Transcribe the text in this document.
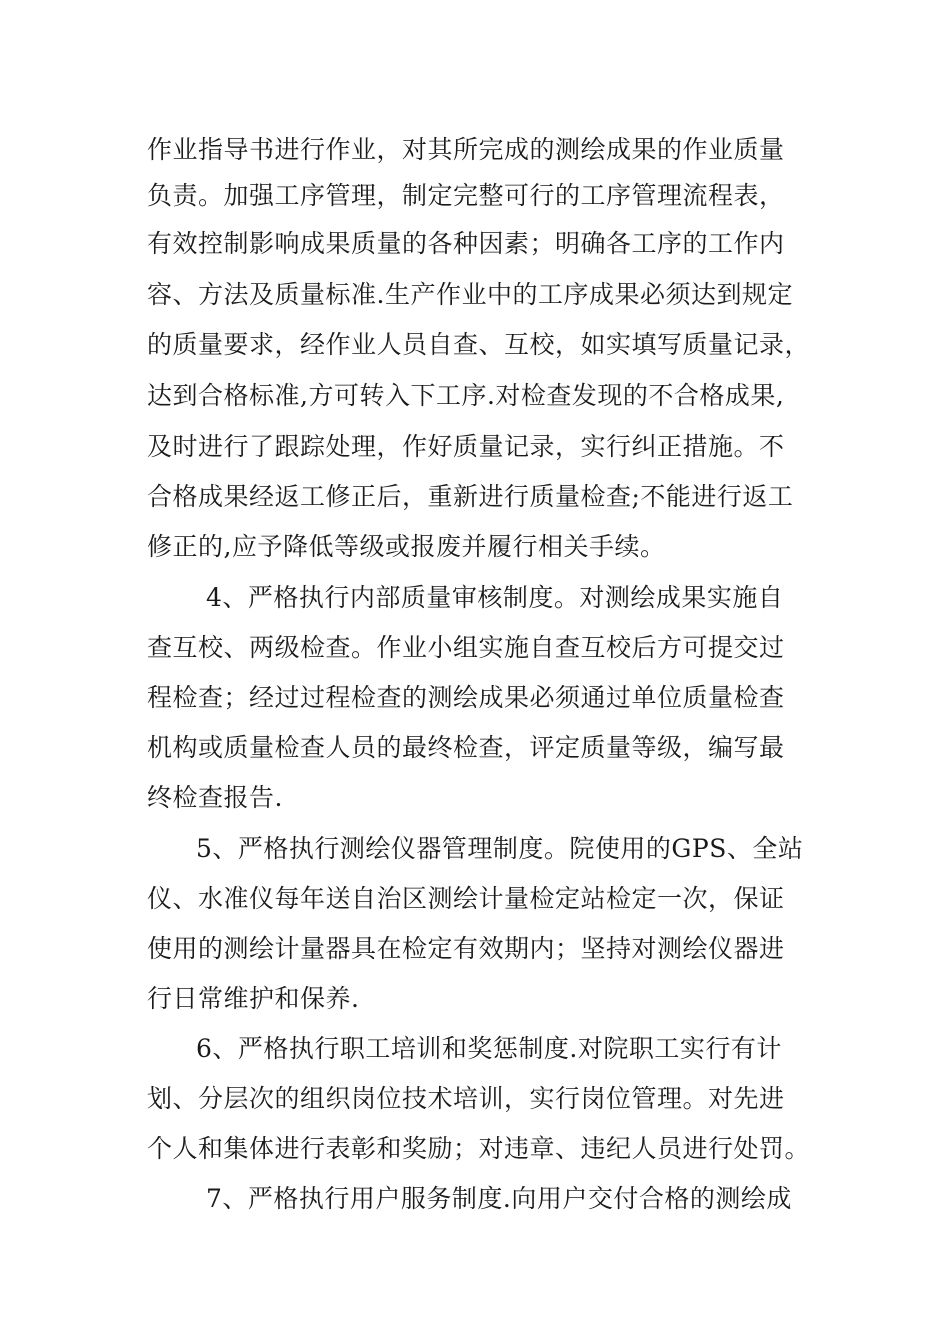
作业指导书进行作业，对其所完成的测绘成果的作业质量
负责。加强工序管理，制定完整可行的工序管理流程表，
有效控制影响成果质量的各种因素；明确各工序的工作内
容、方法及质量标准.生产作业中的工序成果必须达到规定
的质量要求，经作业人员自查、互校，如实填写质量记录，
达到合格标准,方可转入下工序.对检查发现的不合格成果,
及时进行了跟踪处理，作好质量记录，实行纠正措施。不
合格成果经返工修正后，重新进行质量检查;不能进行返工
修正的,应予降低等级或报废并履行相关手续。
4、严格执行内部质量审核制度。对测绘成果实施自
查互校、两级检查。作业小组实施自查互校后方可提交过
程检查；经过过程检查的测绘成果必须通过单位质量检查
机构或质量检查人员的最终检查，评定质量等级，编写最
终检查报告.
5、严格执行测绘仪器管理制度。院使用的GPS、全站
仪、水准仪每年送自治区测绘计量检定站检定一次，保证
使用的测绘计量器具在检定有效期内；坚持对测绘仪器进
行日常维护和保养.
6、严格执行职工培训和奖惩制度.对院职工实行有计
划、分层次的组织岗位技术培训，实行岗位管理。对先进
个人和集体进行表彰和奖励；对违章、违纪人员进行处罚。
7、严格执行用户服务制度.向用户交付合格的测绘成
